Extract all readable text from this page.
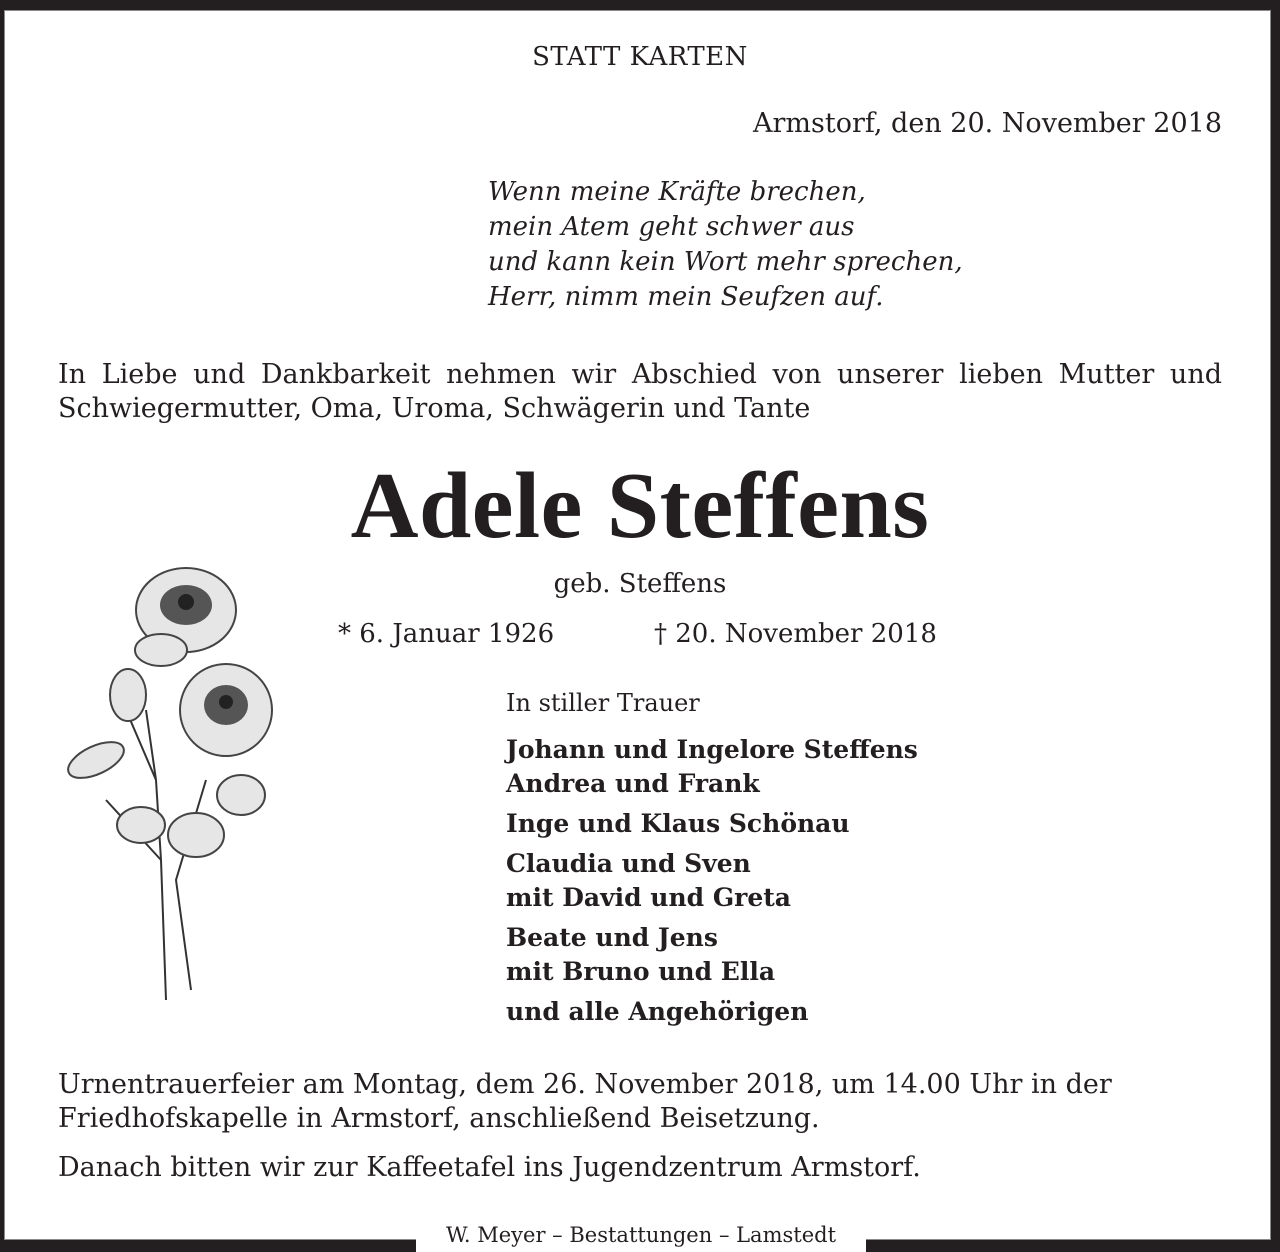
STATT KARTEN
Armstorf, den 20. November 2018
Wenn meine Kräfte brechen,
mein Atem geht schwer aus
und kann kein Wort mehr sprechen,
Herr, nimm mein Seufzen auf.
In Liebe und Dankbarkeit nehmen wir Abschied von unserer lieben Mutter und Schwiegermutter, Oma, Uroma, Schwägerin und Tante
Adele Steffens
geb. Steffens
* 6. Januar 1926	† 20. November 2018
In stiller Trauer
Johann und Ingelore Steffens
Andrea und Frank
Inge und Klaus Schönau
Claudia und Sven
mit David und Greta
Beate und Jens
mit Bruno und Ella
und alle Angehörigen
Urnentrauerfeier am Montag, dem 26. November 2018, um 14.00 Uhr in der Friedhofskapelle in Armstorf, anschließend Beisetzung.
Danach bitten wir zur Kaffeetafel ins Jugendzentrum Armstorf.
W. Meyer – Bestattungen – Lamstedt
